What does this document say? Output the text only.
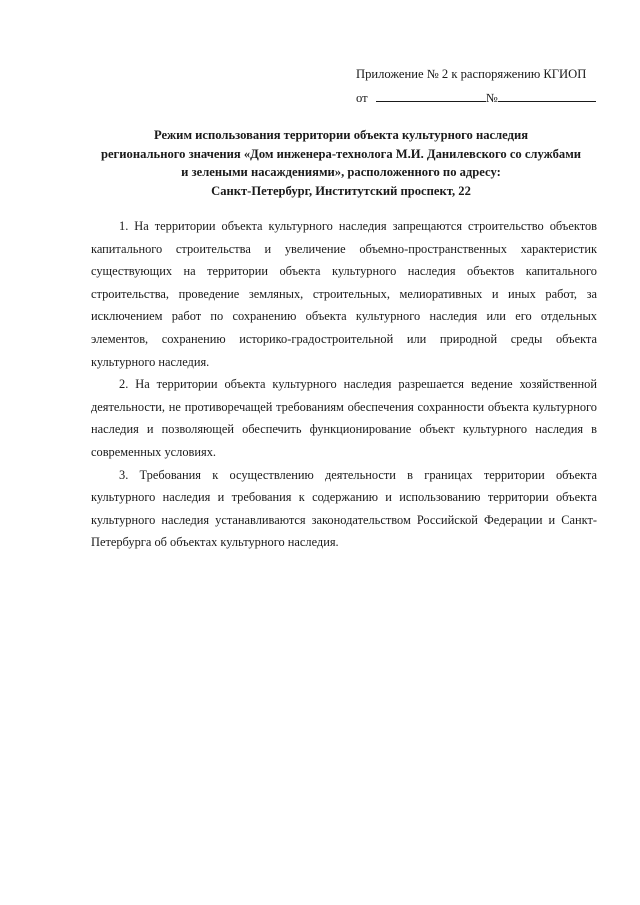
Приложение № 2 к распоряжению КГИОП
от	№
Режим использования территории объекта культурного наследия
регионального значения «Дом инженера-технолога М.И. Данилевского со службами
и зелеными насаждениями», расположенного по адресу:
Санкт-Петербург, Институтский проспект, 22

1. На территории объекта культурного наследия запрещаются строительство объектов капитального строительства и увеличение объемно-пространственных характеристик существующих на территории объекта культурного наследия объектов капитального строительства, проведение земляных, строительных, мелиоративных и иных работ, за исключением работ по сохранению объекта культурного наследия или его отдельных элементов, сохранению историко-градостроительной или природной среды объекта культурного наследия.

2. На территории объекта культурного наследия разрешается ведение хозяйственной деятельности, не противоречащей требованиям обеспечения сохранности объекта культурного наследия и позволяющей обеспечить функционирование объект культурного наследия в современных условиях.

3. Требования к осуществлению деятельности в границах территории объекта культурного наследия и требования к содержанию и использованию территории объекта культурного наследия устанавливаются законодательством Российской Федерации и Санкт-Петербурга об объектах культурного наследия.
